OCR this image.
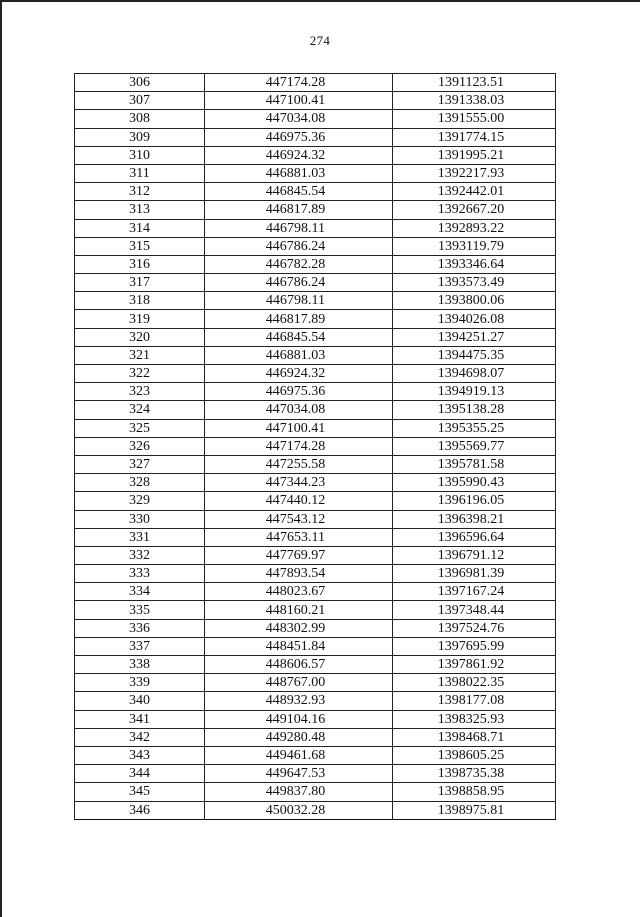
274
306	447174.28	1391123.51
307	447100.41	1391338.03
308	447034.08	1391555.00
309	446975.36	1391774.15
310	446924.32	1391995.21
311	446881.03	1392217.93
312	446845.54	1392442.01
313	446817.89	1392667.20
314	446798.11	1392893.22
315	446786.24	1393119.79
316	446782.28	1393346.64
317	446786.24	1393573.49
318	446798.11	1393800.06
319	446817.89	1394026.08
320	446845.54	1394251.27
321	446881.03	1394475.35
322	446924.32	1394698.07
323	446975.36	1394919.13
324	447034.08	1395138.28
325	447100.41	1395355.25
326	447174.28	1395569.77
327	447255.58	1395781.58
328	447344.23	1395990.43
329	447440.12	1396196.05
330	447543.12	1396398.21
331	447653.11	1396596.64
332	447769.97	1396791.12
333	447893.54	1396981.39
334	448023.67	1397167.24
335	448160.21	1397348.44
336	448302.99	1397524.76
337	448451.84	1397695.99
338	448606.57	1397861.92
339	448767.00	1398022.35
340	448932.93	1398177.08
341	449104.16	1398325.93
342	449280.48	1398468.71
343	449461.68	1398605.25
344	449647.53	1398735.38
345	449837.80	1398858.95
346	450032.28	1398975.81
